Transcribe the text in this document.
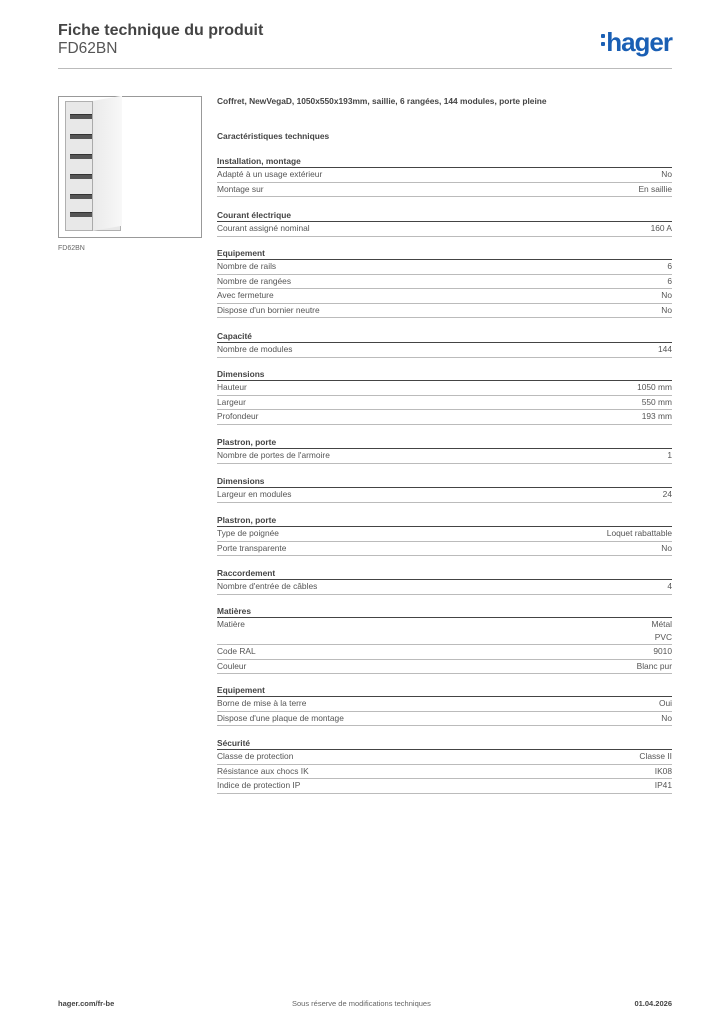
Fiche technique du produit
FD62BN	hager
FD62BN
Coffret, NewVegaD, 1050x550x193mm, saillie, 6 rangées, 144 modules, porte pleine
Caractéristiques techniques
Installation, montage
Adapté à un usage extérieur	No
Montage sur	En saillie
Courant électrique
Courant assigné nominal	160 A
Equipement
Nombre de rails	6
Nombre de rangées	6
Avec fermeture	No
Dispose d'un bornier neutre	No
Capacité
Nombre de modules	144
Dimensions
Hauteur	1050 mm
Largeur	550 mm
Profondeur	193 mm
Plastron, porte
Nombre de portes de l'armoire	1
Dimensions
Largeur en modules	24
Plastron, porte
Type de poignée	Loquet rabattable
Porte transparente	No
Raccordement
Nombre d'entrée de câbles	4
Matières
Matière	Métal
PVC
Code RAL	9010
Couleur	Blanc pur
Equipement
Borne de mise à la terre	Oui
Dispose d'une plaque de montage	No
Sécurité
Classe de protection	Classe II
Résistance aux chocs IK	IK08
Indice de protection IP	IP41
hager.com/fr-be	Sous réserve de modifications techniques	01.04.2026
